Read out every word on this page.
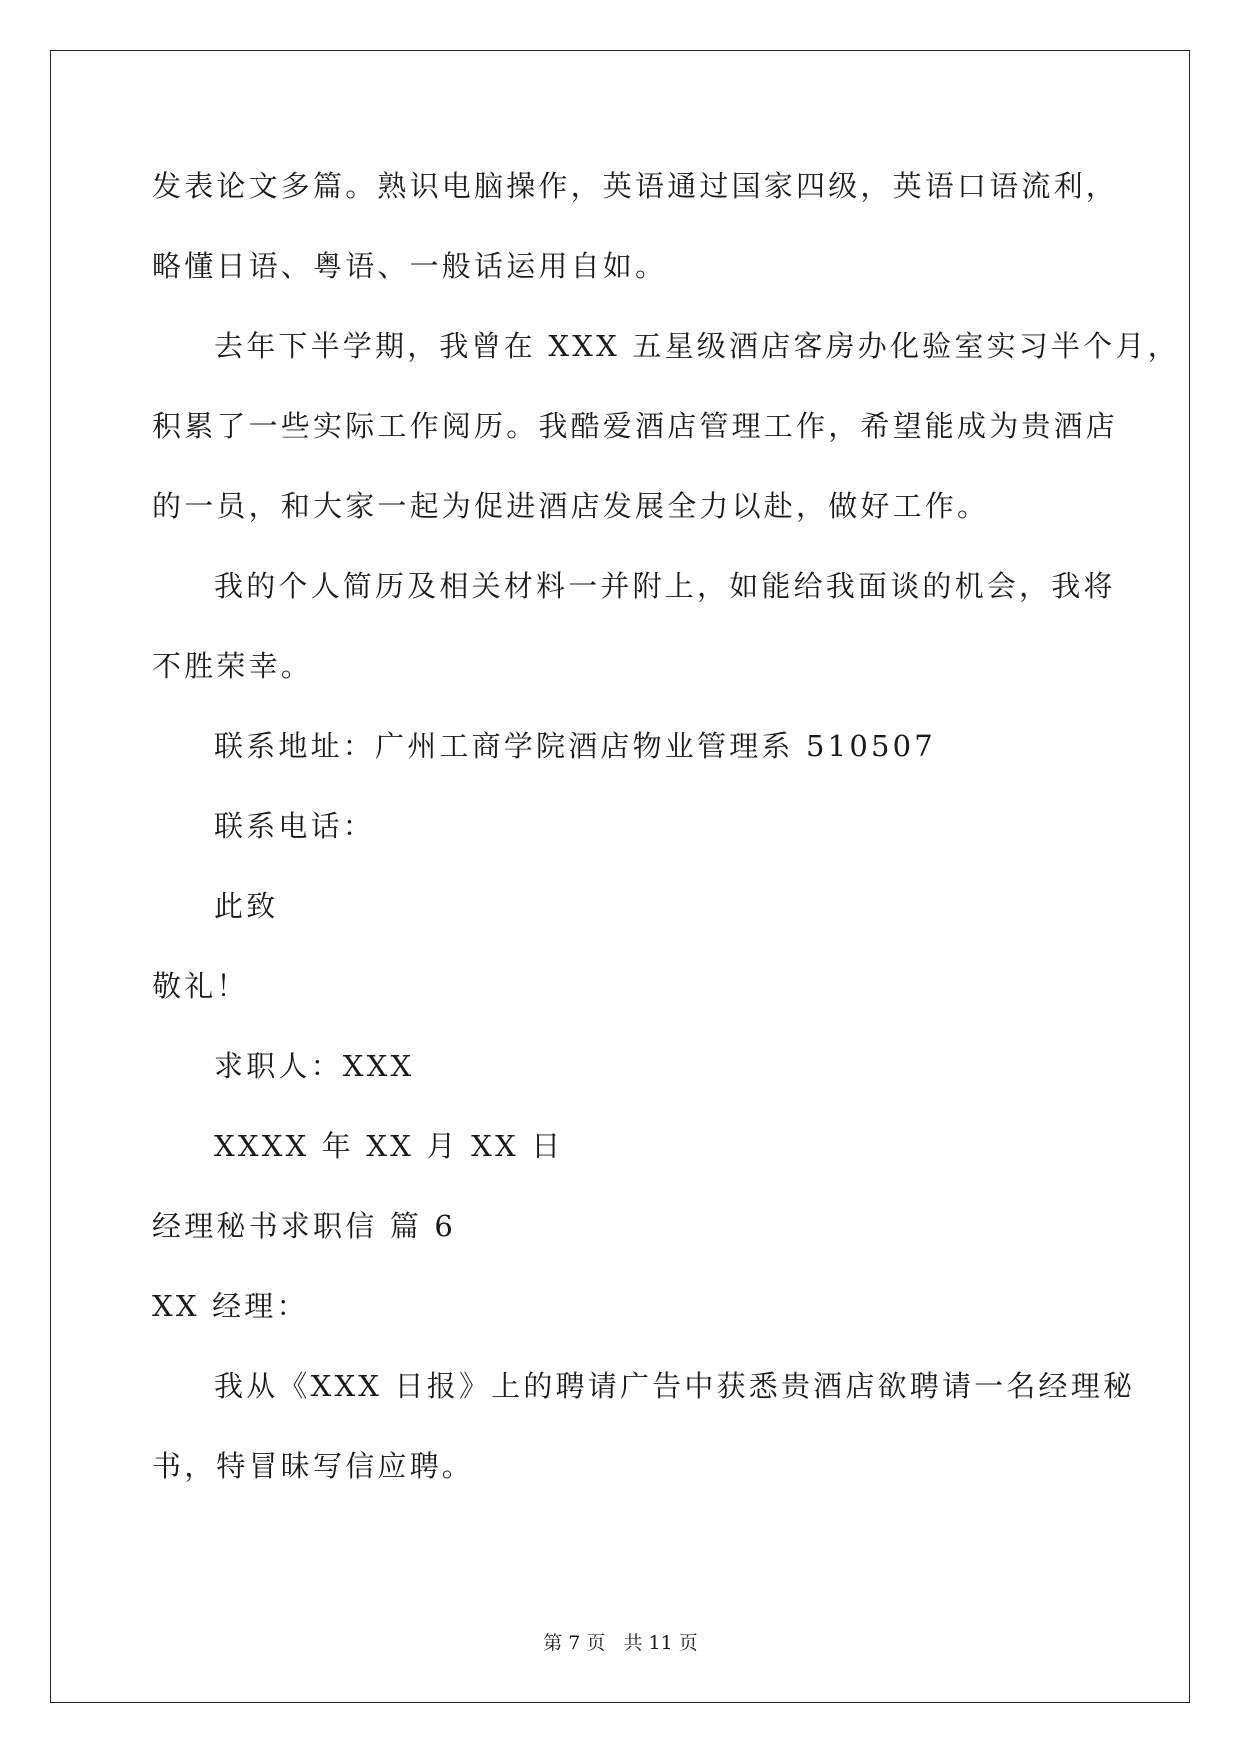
发表论文多篇。熟识电脑操作，英语通过国家四级，英语口语流利，
略懂日语、粤语、一般话运用自如。
去年下半学期，我曾在 XXX 五星级酒店客房办化验室实习半个月，
积累了一些实际工作阅历。我酷爱酒店管理工作，希望能成为贵酒店
的一员，和大家一起为促进酒店发展全力以赴，做好工作。
我的个人简历及相关材料一并附上，如能给我面谈的机会，我将
不胜荣幸。
联系地址：广州工商学院酒店物业管理系 510507
联系电话：
此致
敬礼！
求职人：XXX
XXXX 年 XX 月 XX 日
经理秘书求职信 篇 6
XX 经理：
我从《XXX 日报》上的聘请广告中获悉贵酒店欲聘请一名经理秘
书，特冒昧写信应聘。
第 7 页   共 11 页
